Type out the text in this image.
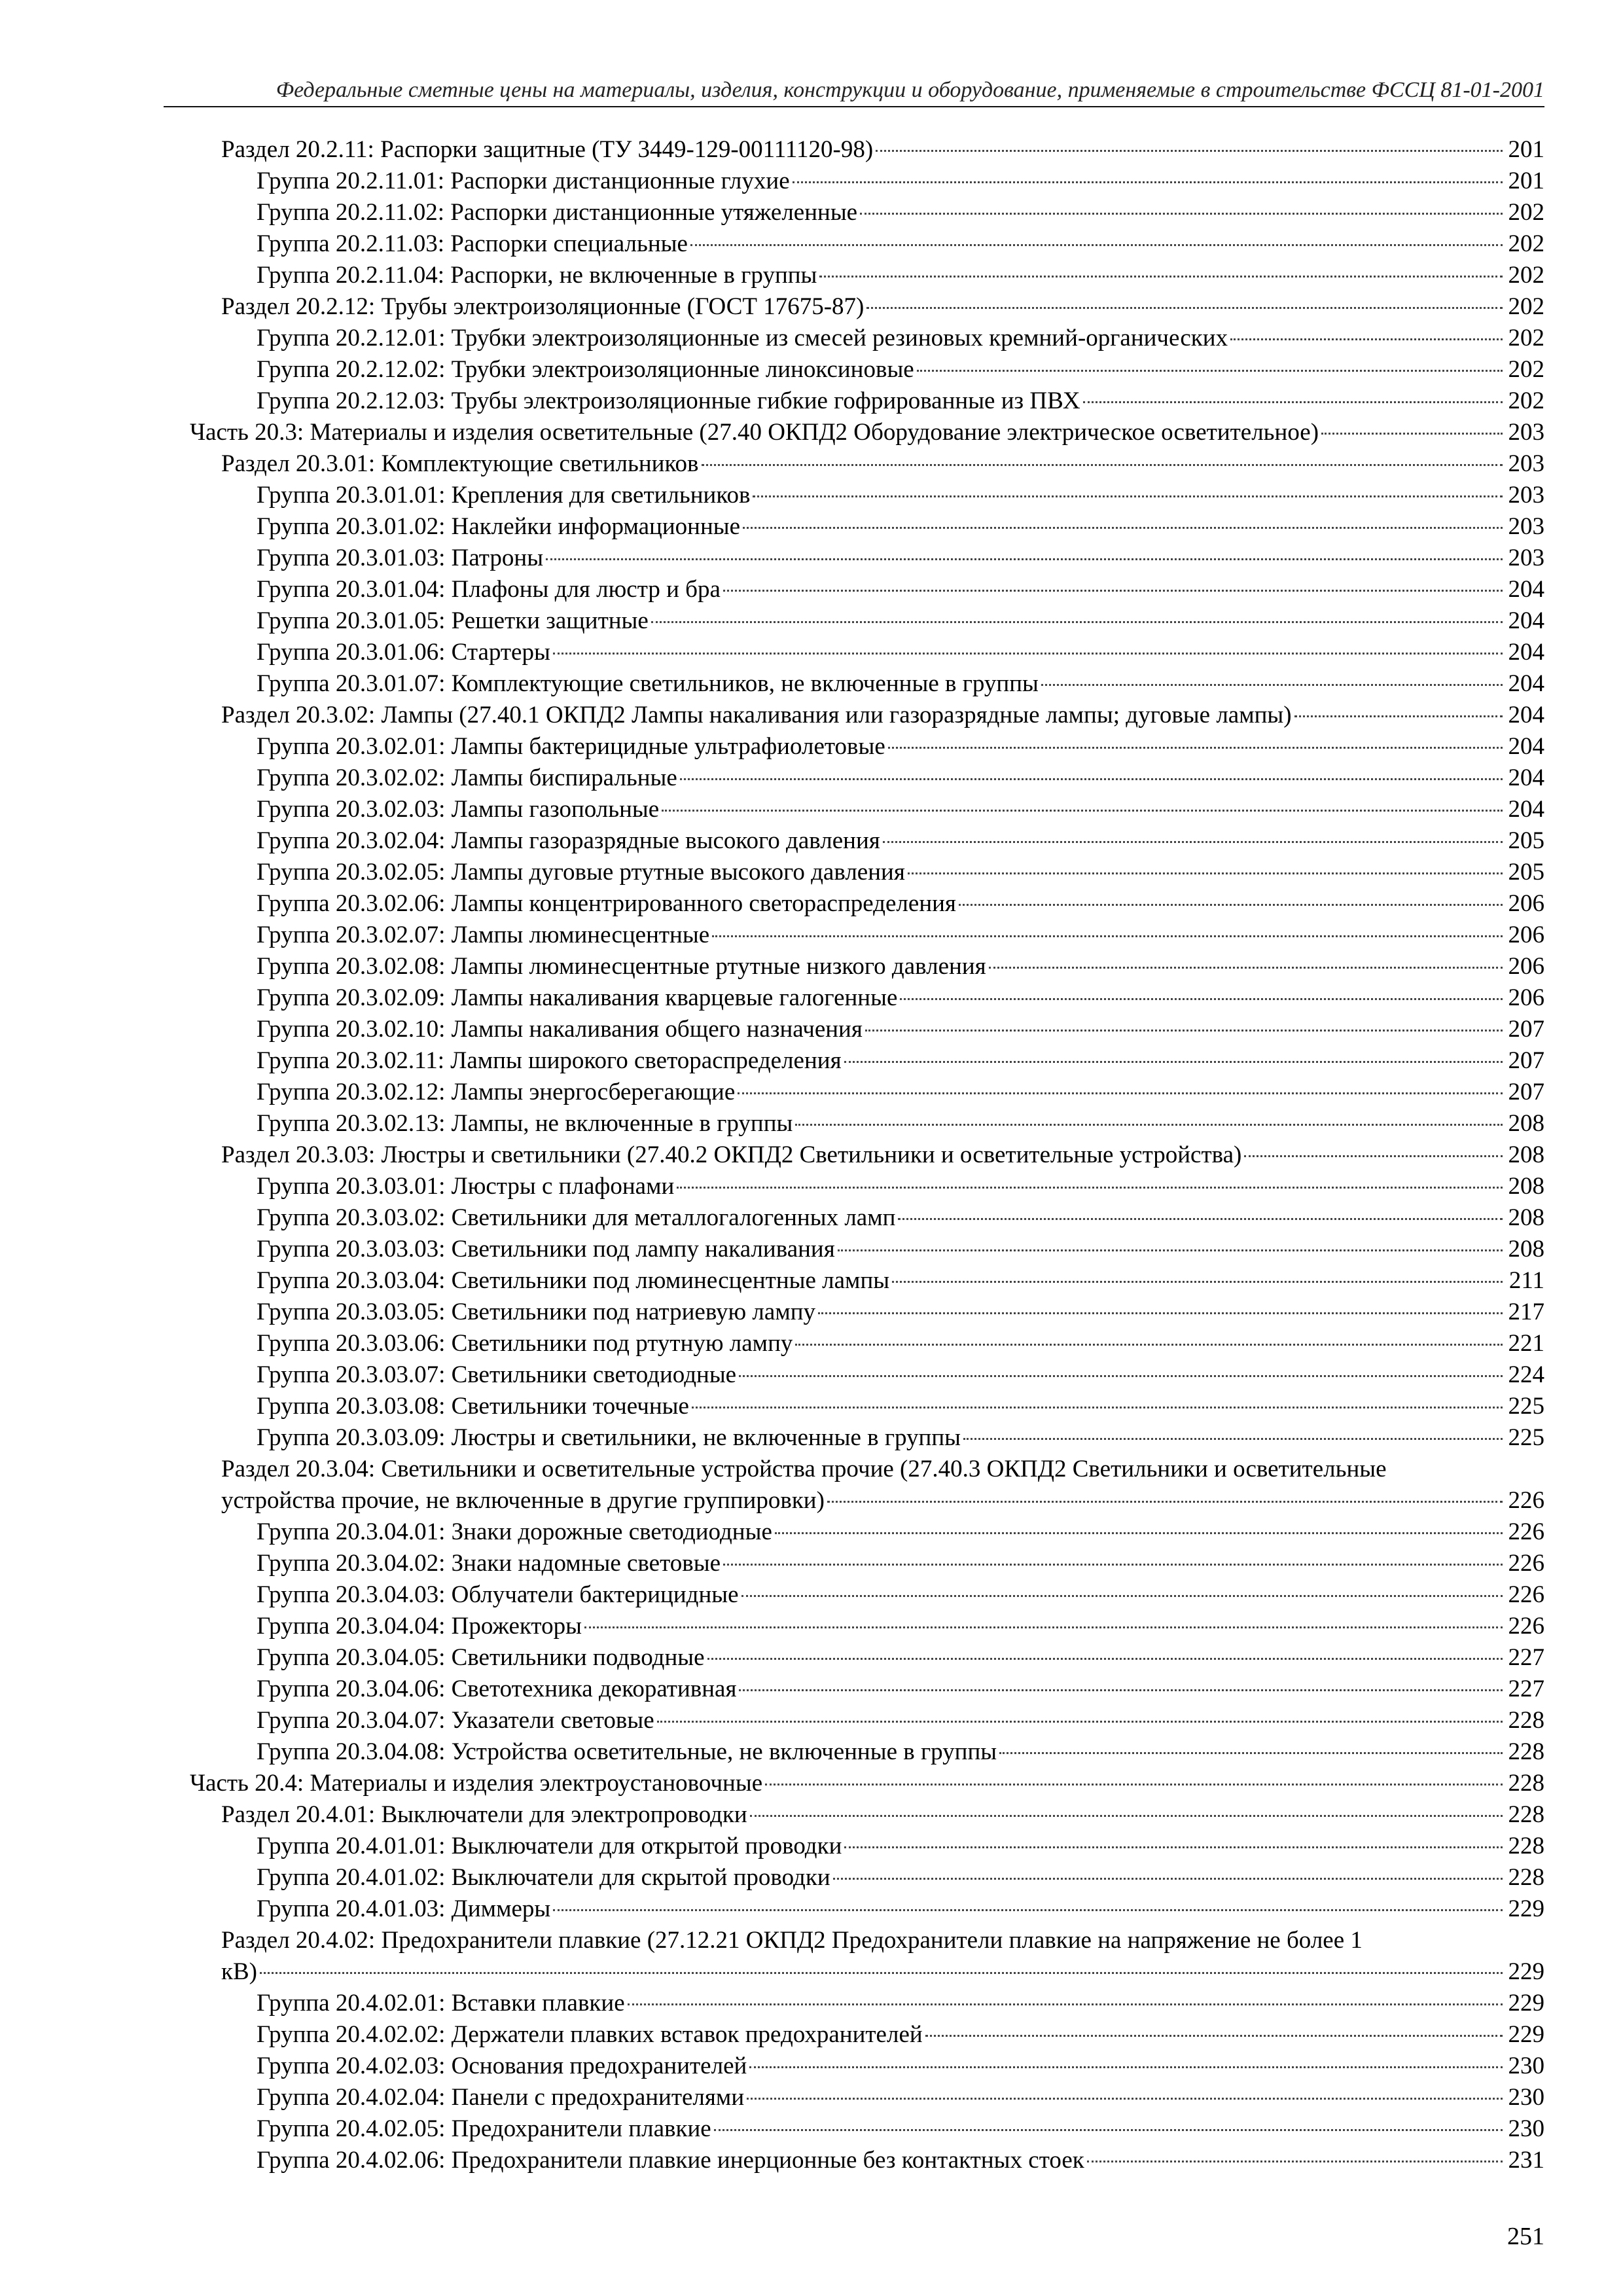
Федеральные сметные цены на материалы, изделия, конструкции и оборудование, применяемые в строительстве ФССЦ 81-01-2001
Раздел 20.2.11: Распорки защитные (ТУ 3449-129-00111120-98)	201
Группа 20.2.11.01: Распорки дистанционные глухие	201
Группа 20.2.11.02: Распорки дистанционные утяжеленные	202
Группа 20.2.11.03: Распорки специальные	202
Группа 20.2.11.04: Распорки, не включенные в группы	202
Раздел 20.2.12: Трубы электроизоляционные (ГОСТ 17675-87)	202
Группа 20.2.12.01: Трубки электроизоляционные из смесей резиновых кремний-органических	202
Группа 20.2.12.02: Трубки электроизоляционные линоксиновые	202
Группа 20.2.12.03: Трубы электроизоляционные гибкие гофрированные из ПВХ	202
Часть 20.3: Материалы и изделия осветительные (27.40 ОКПД2 Оборудование электрическое осветительное)	203
Раздел 20.3.01: Комплектующие светильников	203
Группа 20.3.01.01: Крепления для светильников	203
Группа 20.3.01.02: Наклейки информационные	203
Группа 20.3.01.03: Патроны	203
Группа 20.3.01.04: Плафоны для люстр и бра	204
Группа 20.3.01.05: Решетки защитные	204
Группа 20.3.01.06: Стартеры	204
Группа 20.3.01.07: Комплектующие светильников, не включенные в группы	204
Раздел 20.3.02: Лампы (27.40.1 ОКПД2 Лампы накаливания или газоразрядные лампы; дуговые лампы)	204
Группа 20.3.02.01: Лампы бактерицидные ультрафиолетовые	204
Группа 20.3.02.02: Лампы биспиральные	204
Группа 20.3.02.03: Лампы газопольные	204
Группа 20.3.02.04: Лампы газоразрядные высокого давления	205
Группа 20.3.02.05: Лампы дуговые ртутные высокого давления	205
Группа 20.3.02.06: Лампы концентрированного светораспределения	206
Группа 20.3.02.07: Лампы люминесцентные	206
Группа 20.3.02.08: Лампы люминесцентные ртутные низкого давления	206
Группа 20.3.02.09: Лампы накаливания кварцевые галогенные	206
Группа 20.3.02.10: Лампы накаливания общего назначения	207
Группа 20.3.02.11: Лампы широкого светораспределения	207
Группа 20.3.02.12: Лампы энергосберегающие	207
Группа 20.3.02.13: Лампы, не включенные в группы	208
Раздел 20.3.03: Люстры и светильники (27.40.2 ОКПД2 Светильники и осветительные устройства)	208
Группа 20.3.03.01: Люстры с плафонами	208
Группа 20.3.03.02: Светильники для металлогалогенных ламп	208
Группа 20.3.03.03: Светильники под лампу накаливания	208
Группа 20.3.03.04: Светильники под люминесцентные лампы	211
Группа 20.3.03.05: Светильники под натриевую лампу	217
Группа 20.3.03.06: Светильники под ртутную лампу	221
Группа 20.3.03.07: Светильники светодиодные	224
Группа 20.3.03.08: Светильники точечные	225
Группа 20.3.03.09: Люстры и светильники, не включенные в группы	225
Раздел 20.3.04: Светильники и осветительные устройства прочие (27.40.3 ОКПД2 Светильники и осветительные
устройства прочие, не включенные в другие группировки)	226
Группа 20.3.04.01: Знаки дорожные светодиодные	226
Группа 20.3.04.02: Знаки надомные световые	226
Группа 20.3.04.03: Облучатели бактерицидные	226
Группа 20.3.04.04: Прожекторы	226
Группа 20.3.04.05: Светильники подводные	227
Группа 20.3.04.06: Светотехника декоративная	227
Группа 20.3.04.07: Указатели световые	228
Группа 20.3.04.08: Устройства осветительные, не включенные в группы	228
Часть 20.4: Материалы и изделия электроустановочные	228
Раздел 20.4.01: Выключатели для электропроводки	228
Группа 20.4.01.01: Выключатели для открытой проводки	228
Группа 20.4.01.02: Выключатели для скрытой проводки	228
Группа 20.4.01.03: Диммеры	229
Раздел 20.4.02: Предохранители плавкие (27.12.21 ОКПД2 Предохранители плавкие на напряжение не более 1
кВ)	229
Группа 20.4.02.01: Вставки плавкие	229
Группа 20.4.02.02: Держатели плавких вставок предохранителей	229
Группа 20.4.02.03: Основания предохранителей	230
Группа 20.4.02.04: Панели с предохранителями	230
Группа 20.4.02.05: Предохранители плавкие	230
Группа 20.4.02.06: Предохранители плавкие инерционные без контактных стоек	231
251
